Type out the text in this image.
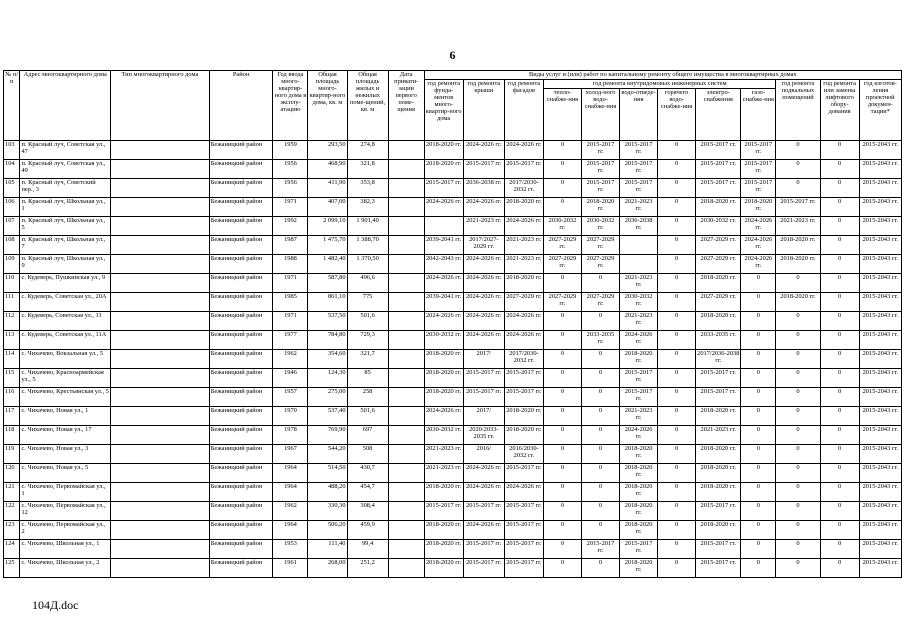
6
№ п/п	Адрес многоквартирного дома	Тип многоквартирного дома	Район	Год ввода много-квартир-ного дома в эксплу-атацию	Общая площадь много-квартир-ного дома, кв. м	Общая площадь жилых и нежилых поме-щений, кв. м	Дата привати-зации первого поме-щения	Виды услуг и (или) работ по капитальному ремонту общего имущества в многоквартирных домах											
								год ремонта фунда-ментов много-квартир-ного дома	год ремонта крыши	год ремонта фасадов	год ремонта внутридомовых инженерных систем						год ремонта подвальных помещений	год ремонта или замены лифтового обору-дования	год изготов-ления проектной докумен-тации*
											тепло-снабже-ния	холод-ного водо-снабже-ния	водо-отведе-ния	горячего водо-снабже-ния	электро-снабжения	газо-снабже-ния			
103	п. Красный луч, Советская ул., 47		Бежаницкий район	1959	293,50	274,8		2018-2020 гг.	2024-2026 гг.	2024-2026 гг.	0	2015-2017 гг.	2015-2017 гг.	0	2015-2017 гг.	2015-2017 гг.	0	0	2015-2043 гг.
104	п. Красный луч, Советская ул., 49		Бежаницкий район	1956	468,90	321,8		2018-2020 гг.	2015-2017 гг.	2015-2017 гг.	0	2015-2017 гг.	2015-2017 гг.	0	2015-2017 гг.	2015-2017 гг.	0	0	2015-2043 гг.
105	п. Красный луч, Советский пер., 3		Бежаницкий район	1956	411,90	353,8		2015-2017 гг.	2036-2038 гг.	2017/2030-2032 гг.	0	2015-2017 гг.	2015-2017 гг.	0	2015-2017 гг.	2015-2017 гг.	0	0	2015-2043 гг.
106	п. Красный луч, Школьная ул., 1		Бежаницкий район	1971	407,00	382,3		2024-2026 гг.	2024-2026 гг.	2018-2020 гг.	0	2018-2020 гг.	2021-2023 гг.	0	2018-2020 гг.	2018-2020 гг.	2015-2017 гг.	0	2015-2043 гг.
107	п. Красный луч, Школьная ул., 5		Бежаницкий район	1992	2 099,10	1 901,40			2021-2023 гг.	2024-2026 гг.	2030-2032 гг.	2030-2032 гг.	2036-2038 гг.	0	2030-2032 гг.	2024-2026 гг.	2021-2023 гг.	0	2015-2043 гг.
108	п. Красный луч, Школьная ул., 7		Бежаницкий район	1987	1 475,70	1 388,70		2039-2041 гг.	2017/2027-2029 гг.	2021-2023 гг.	2027-2029 гг.	2027-2029 гг.		0	2027-2029 гг.	2024-2026 гг.	2018-2020 гг.	0	2015-2043 гг.
109	п. Красный луч, Школьная ул., 9		Бежаницкий район	1988	1 482,40	1 370,50		2042-2043 гг.	2024-2026 гг.	2021-2023 гг.	2027-2029 гг.	2027-2029 гг.		0	2027-2029 гг.	2024-2026 гг.	2018-2020 гг.	0	2015-2043 гг.
110	с. Кудеверь, Пушкинская ул., 9		Бежаницкий район	1971	587,80	496,6		2024-2026 гг.	2024-2026 гг.	2018-2020 гг.	0	0	2021-2023 гг.	0	2018-2020 гг.	0	0	0	2015-2043 гг.
111	с. Кудеверь, Советская ул., 20А		Бежаницкий район	1985	861,10	775		2039-2041 гг.	2024-2026 гг.	2027-2029 гг.	2027-2029 гг.	2027-2029 гг.	2030-2032 гг.	0	2027-2029 гг.	0	2018-2020 гг.	0	2015-2043 гг.
112	с. Кудеверь, Советская ул., 11		Бежаницкий район	1971	537,50	501,6		2024-2026 гг.	2024-2026 гг.	2024-2026 гг.	0	0	2021-2023 гг.	0	2018-2020 гг.	0	0	0	2015-2043 гг.
113	с. Кудеверь, Советская ул., 11А		Бежаницкий район	1977	784,80	729,3		2030-2032 гг.	2024-2026 гг.	2024-2026 гг.	0	2033-2035 гг.	2024-2026 гг.	0	2033-2035 гг.	0	0	0	2015-2043 гг.
114	с. Чихачево, Вокзальная ул., 5		Бежаницкий район	1962	354,60	321,7		2018-2020 гг.	2017/	2017/2030-2032 гг.	0	0	2018-2020 гг.	0	2017/2036-2038 гг.	0	0	0	2015-2043 гг.
115	с. Чихачево, Красноармейская ул., 5		Бежаницкий район	1946	124,30	85		2018-2020 гг.	2015-2017 гг.	2015-2017 гг.	0	0	2015-2017 гг.	0	2015-2017 гг.	0	0	0	2015-2043 гг.
116	с. Чихачево, Крестьянская ул., 5		Бежаницкий район	1957	275,00	258		2018-2020 гг.	2015-2017 гг.	2015-2017 гг.	0	0	2015-2017 гг.	0	2015-2017 гг.	0	0	0	2015-2043 гг.
117	с. Чихачево, Новая ул., 1		Бежаницкий район	1970	537,40	501,6		2024-2026 гг.	2017/	2018-2020 гг.	0	0	2021-2023 гг.	0	2018-2020 гг.	0	0	0	2015-2043 гг.
118	с. Чихачево, Новая ул., 17		Бежаницкий район	1978	769,90	697		2030-2032 гг.	2020/2033-2035 гг.	2018-2020 гг.	0	0	2024-2026 гг.	0	2021-2023 гг.	0	0	0	2015-2043 гг.
119	с. Чихачево, Новая ул., 3		Бежаницкий район	1967	544,20	508		2021-2023 гг.	2016/	2016/2030-2032 гг.	0	0	2018-2020 гг.	0	2018-2020 гг.	0	0	0	2015-2043 гг.
120	с. Чихачево, Новая ул., 5		Бежаницкий район	1964	514,50	430,7		2021-2023 гг.	2024-2026 гг.	2015-2017 гг.	0	0	2018-2020 гг.	0	2018-2020 гг.	0	0	0	2015-2043 гг.
121	с. Чихачево, Первомайская ул., 1		Бежаницкий район	1964	488,20	454,7		2018-2020 гг.	2024-2026 гг.	2024-2026 гг.	0	0	2018-2020 гг.	0	2018-2020 гг.	0	0	0	2015-2043 гг.
122	с. Чихачево, Первомайская ул., 12		Бежаницкий район	1962	330,30	308,4		2015-2017 гг.	2015-2017 гг.	2015-2017 гг.	0	0	2018-2020 гг.	0	2015-2017 гг.	0	0	0	2015-2043 гг.
123	с. Чихачево, Первомайская ул., 2		Бежаницкий район	1964	506,20	459,9		2018-2020 гг.	2024-2026 гг.	2015-2017 гг.	0	0	2018-2020 гг.	0	2018-2020 гг.	0	0	0	2015-2043 гг.
124	с. Чихачево, Школьная ул., 1		Бежаницкий район	1953	111,40	99,4		2018-2020 гг.	2015-2017 гг.	2015-2017 гг.	0	2015-2017 гг.	2015-2017 гг.	0	2015-2017 гг.	0	0	0	2015-2043 гг.
125	с. Чихачево, Школьная ул., 2		Бежаницкий район	1961	268,00	251,2		2018-2020 гг.	2015-2017 гг.	2015-2017 гг.	0	0	2018-2020 гг.	0	2015-2017 гг.	0	0	0	2015-2043 гг.
104Д.doc
